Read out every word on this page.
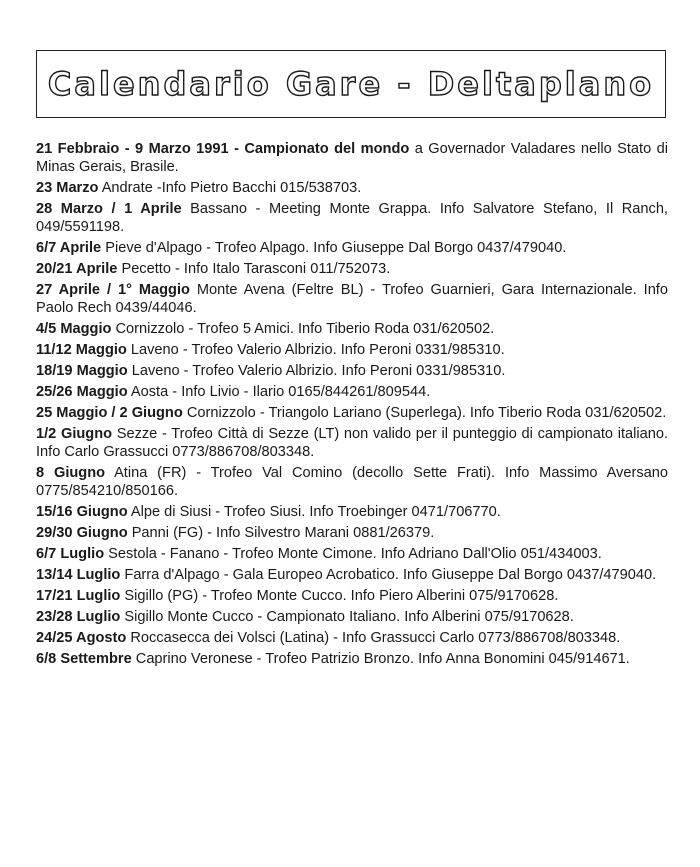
Calendario Gare - Deltaplano
21 Febbraio - 9 Marzo 1991 - Campionato del mondo a Governador Valadares nello Stato di Minas Gerais, Brasile.
23 Marzo Andrate -Info Pietro Bacchi 015/538703.
28 Marzo / 1 Aprile Bassano - Meeting Monte Grappa. Info Salvatore Stefano, Il Ranch, 049/5591198.
6/7 Aprile Pieve d'Alpago - Trofeo Alpago. Info Giuseppe Dal Borgo 0437/479040.
20/21 Aprile Pecetto - Info Italo Tarasconi 011/752073.
27 Aprile / 1° Maggio Monte Avena (Feltre BL) - Trofeo Guarnieri, Gara Internazionale. Info Paolo Rech 0439/44046.
4/5 Maggio Cornizzolo - Trofeo 5 Amici. Info Tiberio Roda 031/620502.
11/12 Maggio Laveno - Trofeo Valerio Albrizio. Info Peroni 0331/985310.
18/19 Maggio Laveno - Trofeo Valerio Albrizio. Info Peroni 0331/985310.
25/26 Maggio Aosta - Info Livio - Ilario 0165/844261/809544.
25 Maggio / 2 Giugno Cornizzolo - Triangolo Lariano (Superlega). Info Tiberio Roda 031/620502.
1/2 Giugno Sezze - Trofeo Città di Sezze (LT) non valido per il punteggio di campionato italiano. Info Carlo Grassucci 0773/886708/803348.
8 Giugno Atina (FR) - Trofeo Val Comino (decollo Sette Frati). Info Massimo Aversano 0775/854210/850166.
15/16 Giugno Alpe di Siusi - Trofeo Siusi. Info Troebinger 0471/706770.
29/30 Giugno Panni (FG) - Info Silvestro Marani 0881/26379.
6/7 Luglio Sestola - Fanano - Trofeo Monte Cimone. Info Adriano Dall'Olio 051/434003.
13/14 Luglio Farra d'Alpago - Gala Europeo Acrobatico. Info Giuseppe Dal Borgo 0437/479040.
17/21 Luglio Sigillo (PG) - Trofeo Monte Cucco. Info Piero Alberini 075/9170628.
23/28 Luglio Sigillo Monte Cucco - Campionato Italiano. Info Alberini 075/9170628.
24/25 Agosto Roccasecca dei Volsci (Latina) - Info Grassucci Carlo 0773/886708/803348.
6/8 Settembre Caprino Veronese - Trofeo Patrizio Bronzo. Info Anna Bonomini 045/914671.
